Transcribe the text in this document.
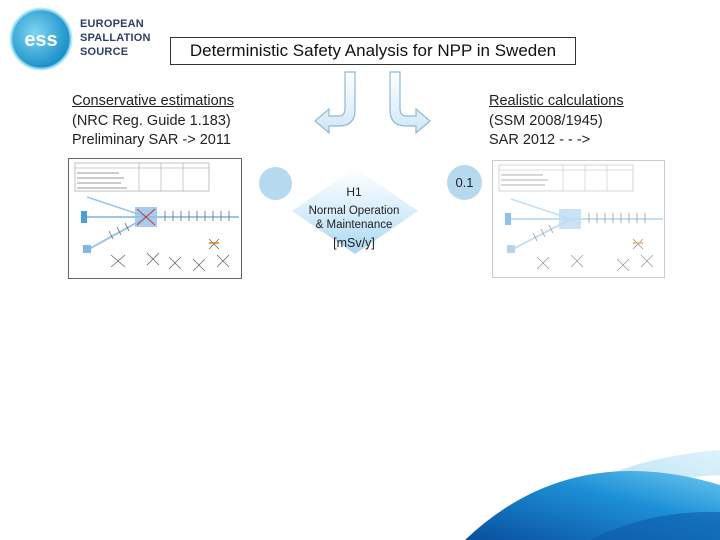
ess
EUROPEAN
SPALLATION
SOURCE	Deterministic Safety Analysis for NPP in Sweden
Conservative estimations
(NRC Reg. Guide 1.183)
Preliminary SAR -> 2011
Realistic calculations
(SSM 2008/1945)
SAR 2012 - - ->
H1
Normal Operation
& Maintenance
[mSv/y]
0.1
